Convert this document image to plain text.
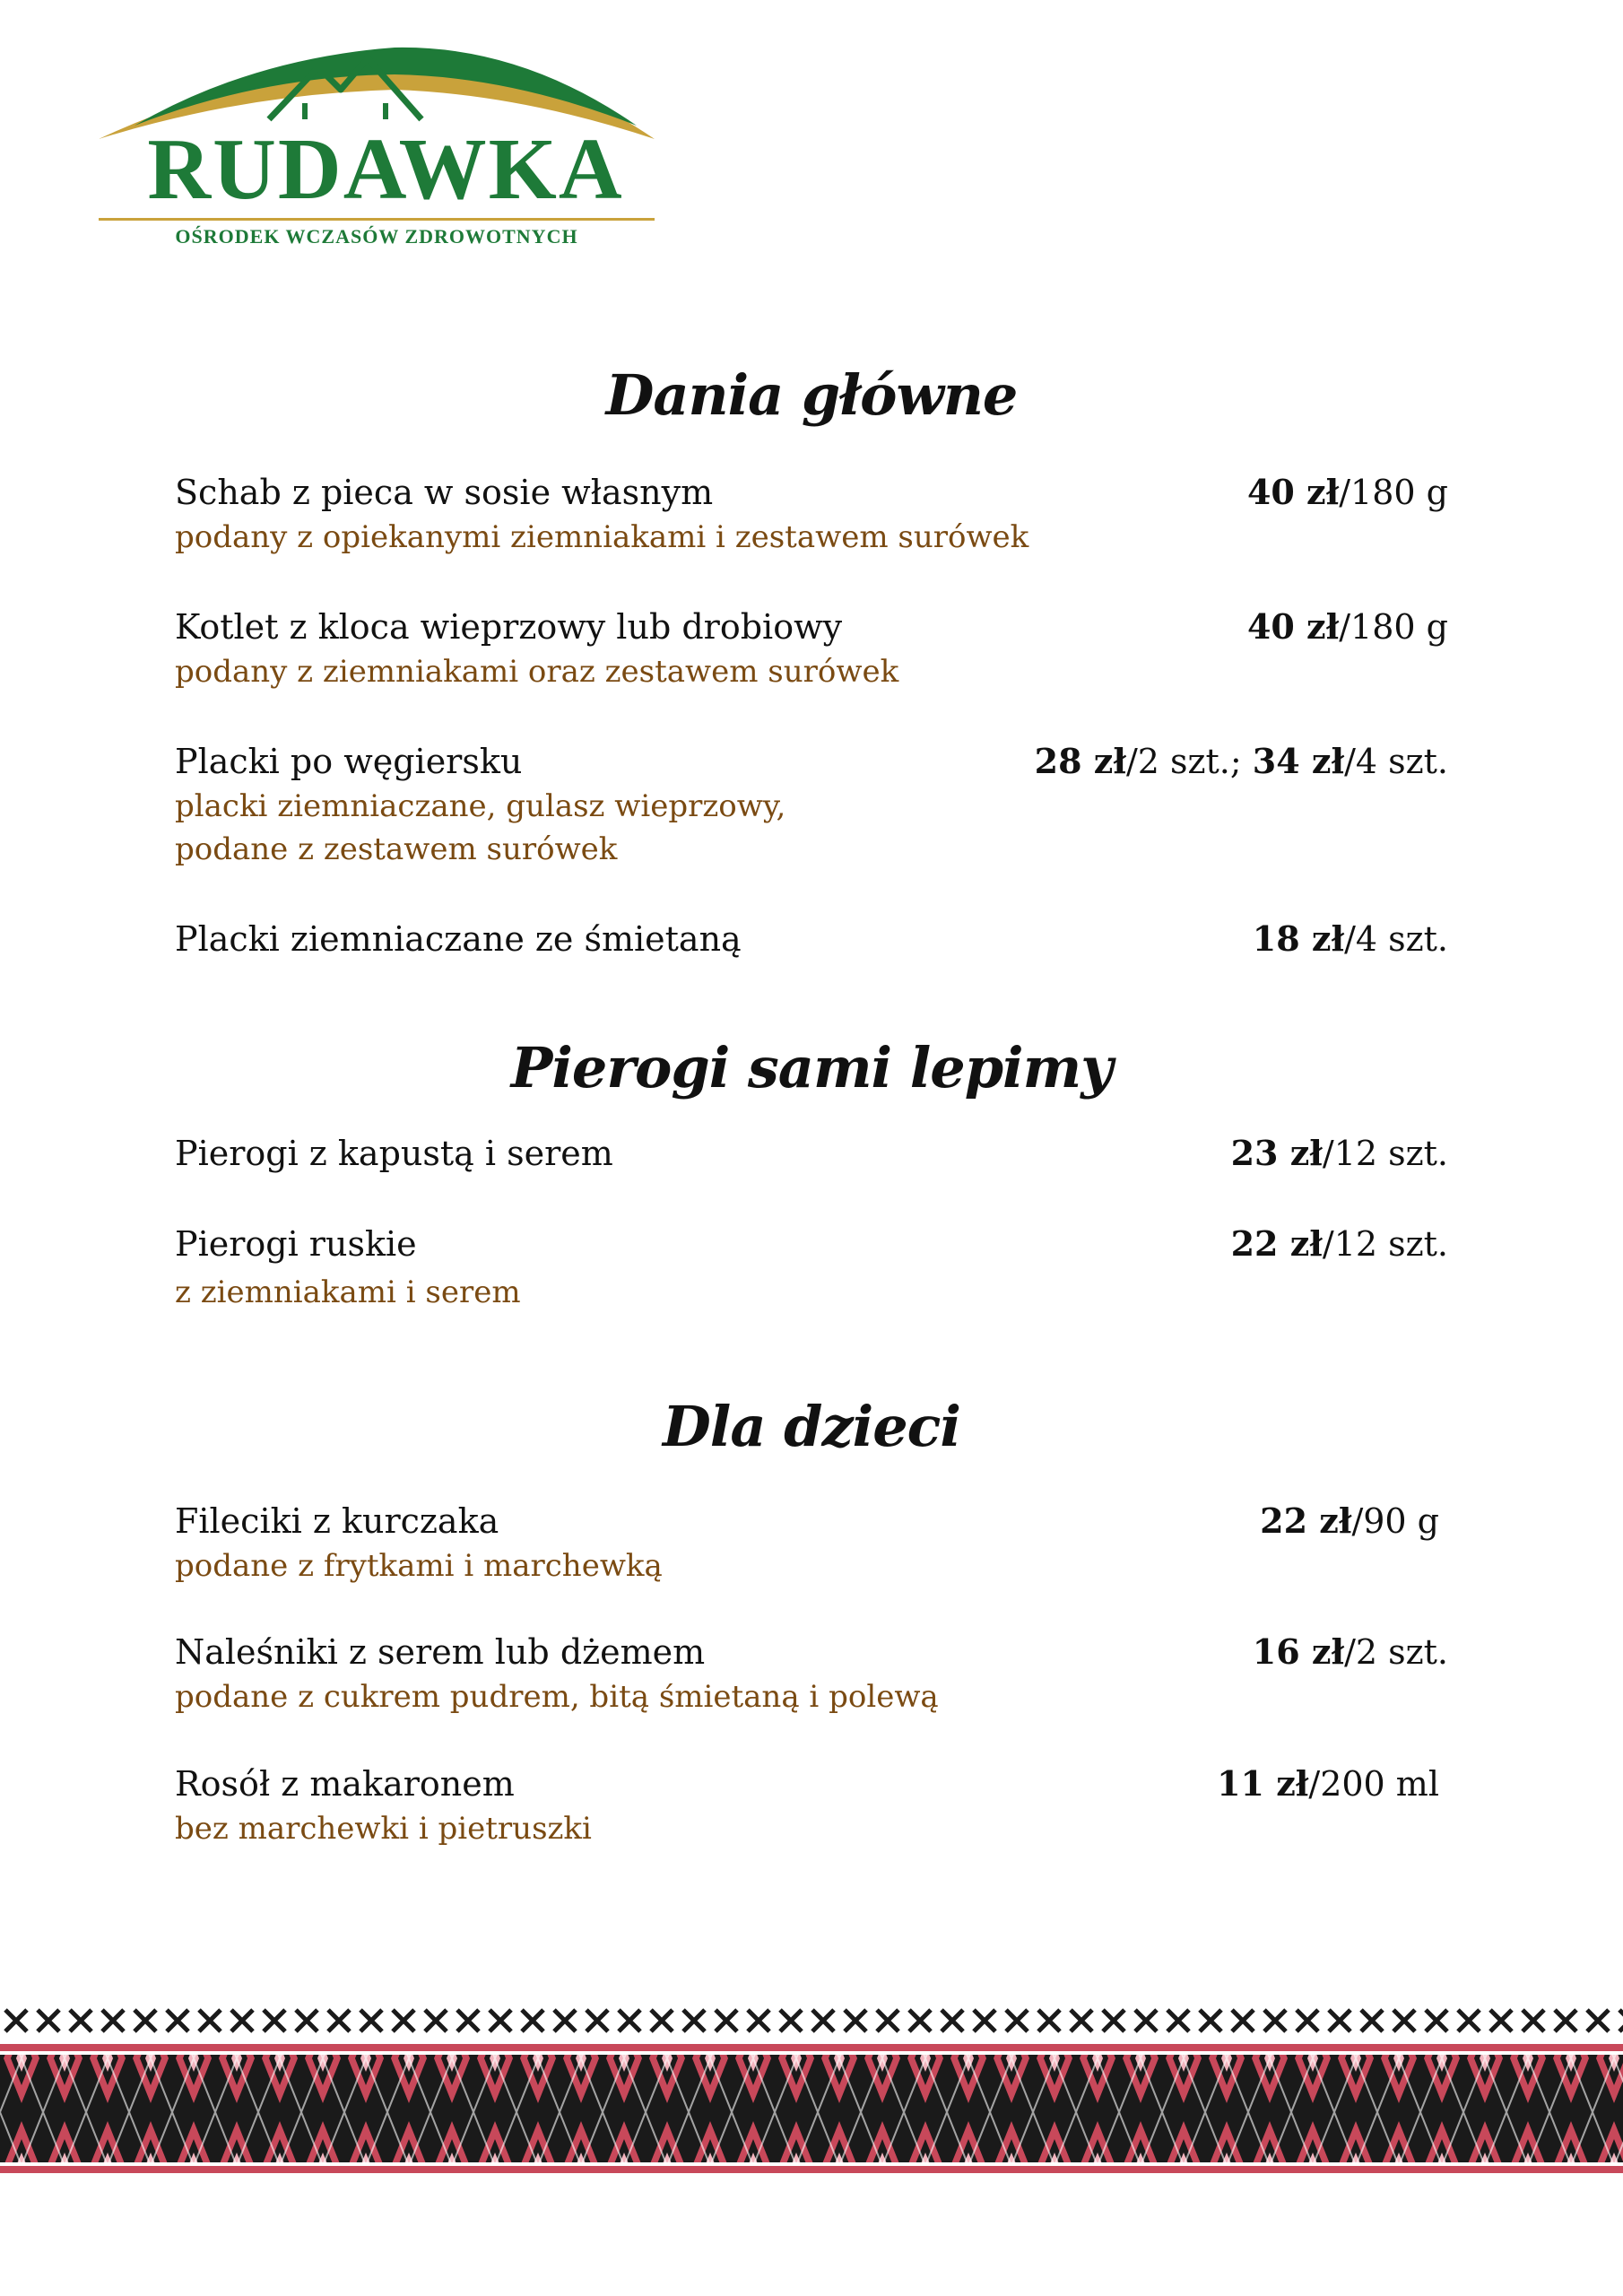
RUDAWKA
OŚRODEK WCZASÓW ZDROWOTNYCH
Dania główne
Schab z pieca w sosie własnym	40 zł/180 g
podany z opiekanymi ziemniakami i zestawem surówek
Kotlet z kloca wieprzowy lub drobiowy	40 zł/180 g
podany z ziemniakami oraz zestawem surówek
Placki po węgiersku	28 zł/2 szt.; 34 zł/4 szt.
placki ziemniaczane, gulasz wieprzowy,
podane z zestawem surówek
Placki ziemniaczane ze śmietaną	18 zł/4 szt.
Pierogi sami lepimy
Pierogi z kapustą i serem	23 zł/12 szt.
Pierogi ruskie	22 zł/12 szt.
z ziemniakami i serem
Dla dzieci
Fileciki z kurczaka	22 zł/90 g
podane z frytkami i marchewką
Naleśniki z serem lub dżemem	16 zł/2 szt.
podane z cukrem pudrem, bitą śmietaną i polewą
Rosół z makaronem	11 zł/200 ml
bez marchewki i pietruszki
